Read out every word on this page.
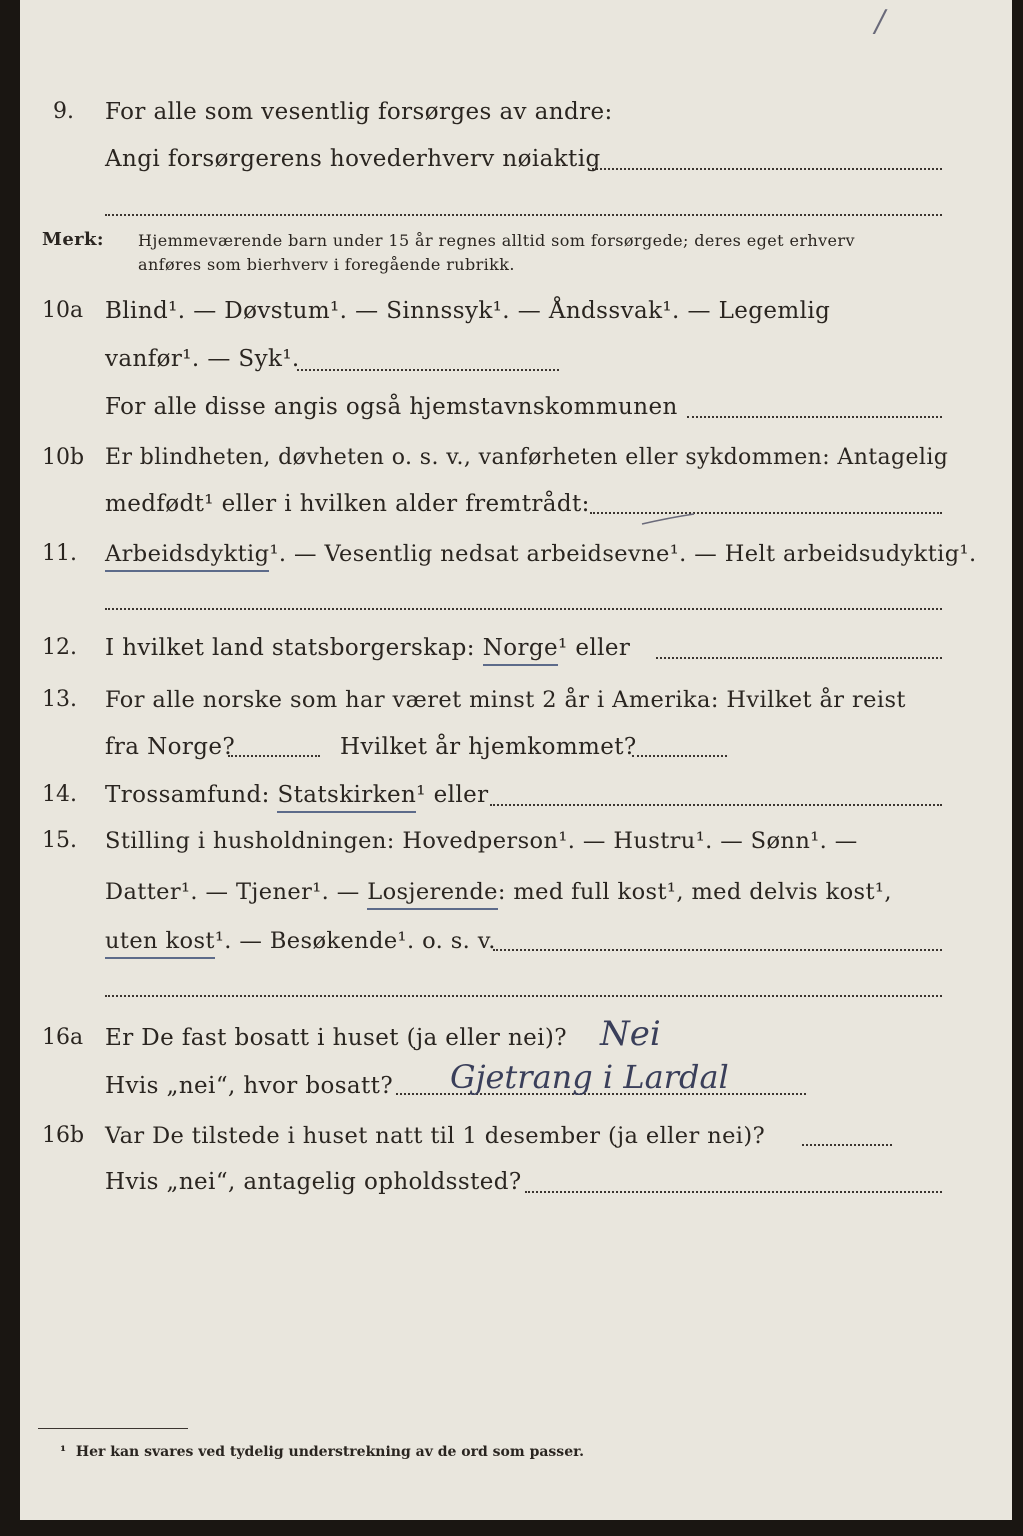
/
9. For alle som vesentlig forsørges av andre:
Angi forsørgerens hovederhverv nøiaktig
Merk: Hjemmeværende barn under 15 år regnes alltid som forsørgede; deres eget erhverv
anføres som bierhverv i foregående rubrikk.
10a Blind¹. — Døvstum¹. — Sinnssyk¹. — Åndssvak¹. — Legemlig
vanfør¹. — Syk¹.
For alle disse angis også hjemstavnskommunen
10b Er blindheten, døvheten o. s. v., vanførheten eller sykdommen: Antagelig
medfødt¹ eller i hvilken alder fremtrådt:
11. Arbeidsdyktig¹. — Vesentlig nedsat arbeidsevne¹. — Helt arbeidsudyktig¹.
12. I hvilket land statsborgerskap: Norge¹ eller
13. For alle norske som har været minst 2 år i Amerika: Hvilket år reist
fra Norge?	Hvilket år hjemkommet?
14. Trossamfund: Statskirken¹ eller
15. Stilling i husholdningen: Hovedperson¹. — Hustru¹. — Sønn¹. —
Datter¹. — Tjener¹. — Losjerende: med full kost¹, med delvis kost¹,
uten kost¹. — Besøkende¹. o. s. v.
16a Er De fast bosatt i huset (ja eller nei)? Nei
Hvis „nei“, hvor bosatt? Gjetrang i Lardal
16b Var De tilstede i huset natt til 1 desember (ja eller nei)?
Hvis „nei“, antagelig opholdssted?
¹ Her kan svares ved tydelig understrekning av de ord som passer.
